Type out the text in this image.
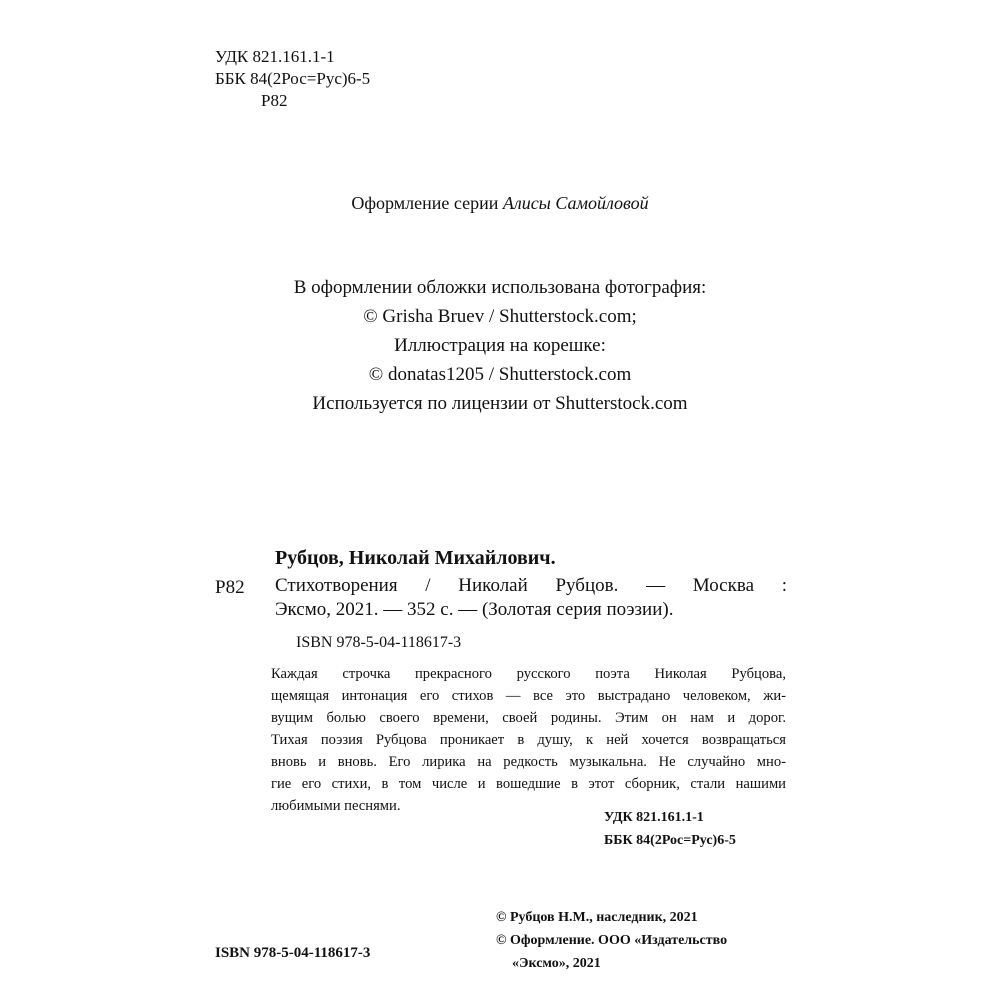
УДК 821.161.1-1
ББК 84(2Рос=Рус)6-5
Р82
Оформление серии Алисы Самойловой
В оформлении обложки использована фотография:
© Grisha Bruev / Shutterstock.com;
Иллюстрация на корешке:
© donatas1205 / Shutterstock.com
Используется по лицензии от Shutterstock.com
Рубцов, Николай Михайлович.
Р82 Стихотворения / Николай Рубцов. — Москва :
Эксмо, 2021. — 352 с. — (Золотая серия поэзии).
ISBN 978-5-04-118617-3
Каждая строчка прекрасного русского поэта Николая Рубцова,
щемящая интонация его стихов — все это выстрадано человеком, жи-
вущим болью своего времени, своей родины. Этим он нам и дорог.
Тихая поэзия Рубцова проникает в душу, к ней хочется возвращаться
вновь и вновь. Его лирика на редкость музыкальна. Не случайно мно-
гие его стихи, в том числе и вошедшие в этот сборник, стали нашими
любимыми песнями.
УДК 821.161.1-1
ББК 84(2Рос=Рус)6-5
© Рубцов Н.М., наследник, 2021
© Оформление. ООО «Издательство
«Эксмо», 2021
ISBN 978-5-04-118617-3
